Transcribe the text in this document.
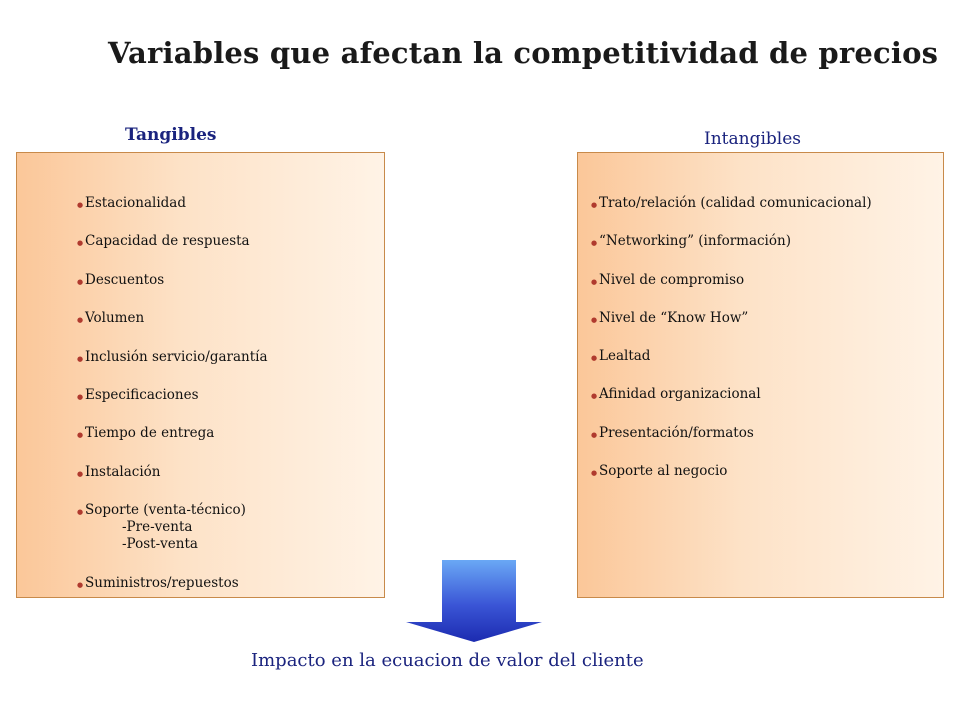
Variables que afectan la competitividad de precios
Tangibles	Intangibles
● Estacionalidad
● Capacidad de respuesta
● Descuentos
● Volumen
● Inclusión servicio/garantía
● Especificaciones
● Tiempo de entrega
● Instalación
● Soporte (venta-técnico)
-Pre-venta
-Post-venta
● Suministros/repuestos
● Trato/relación (calidad comunicacional)
● “Networking” (información)
● Nivel de compromiso
● Nivel de “Know How”
● Lealtad
● Afinidad organizacional
● Presentación/formatos
● Soporte al negocio
Impacto en la ecuacion de valor del cliente
